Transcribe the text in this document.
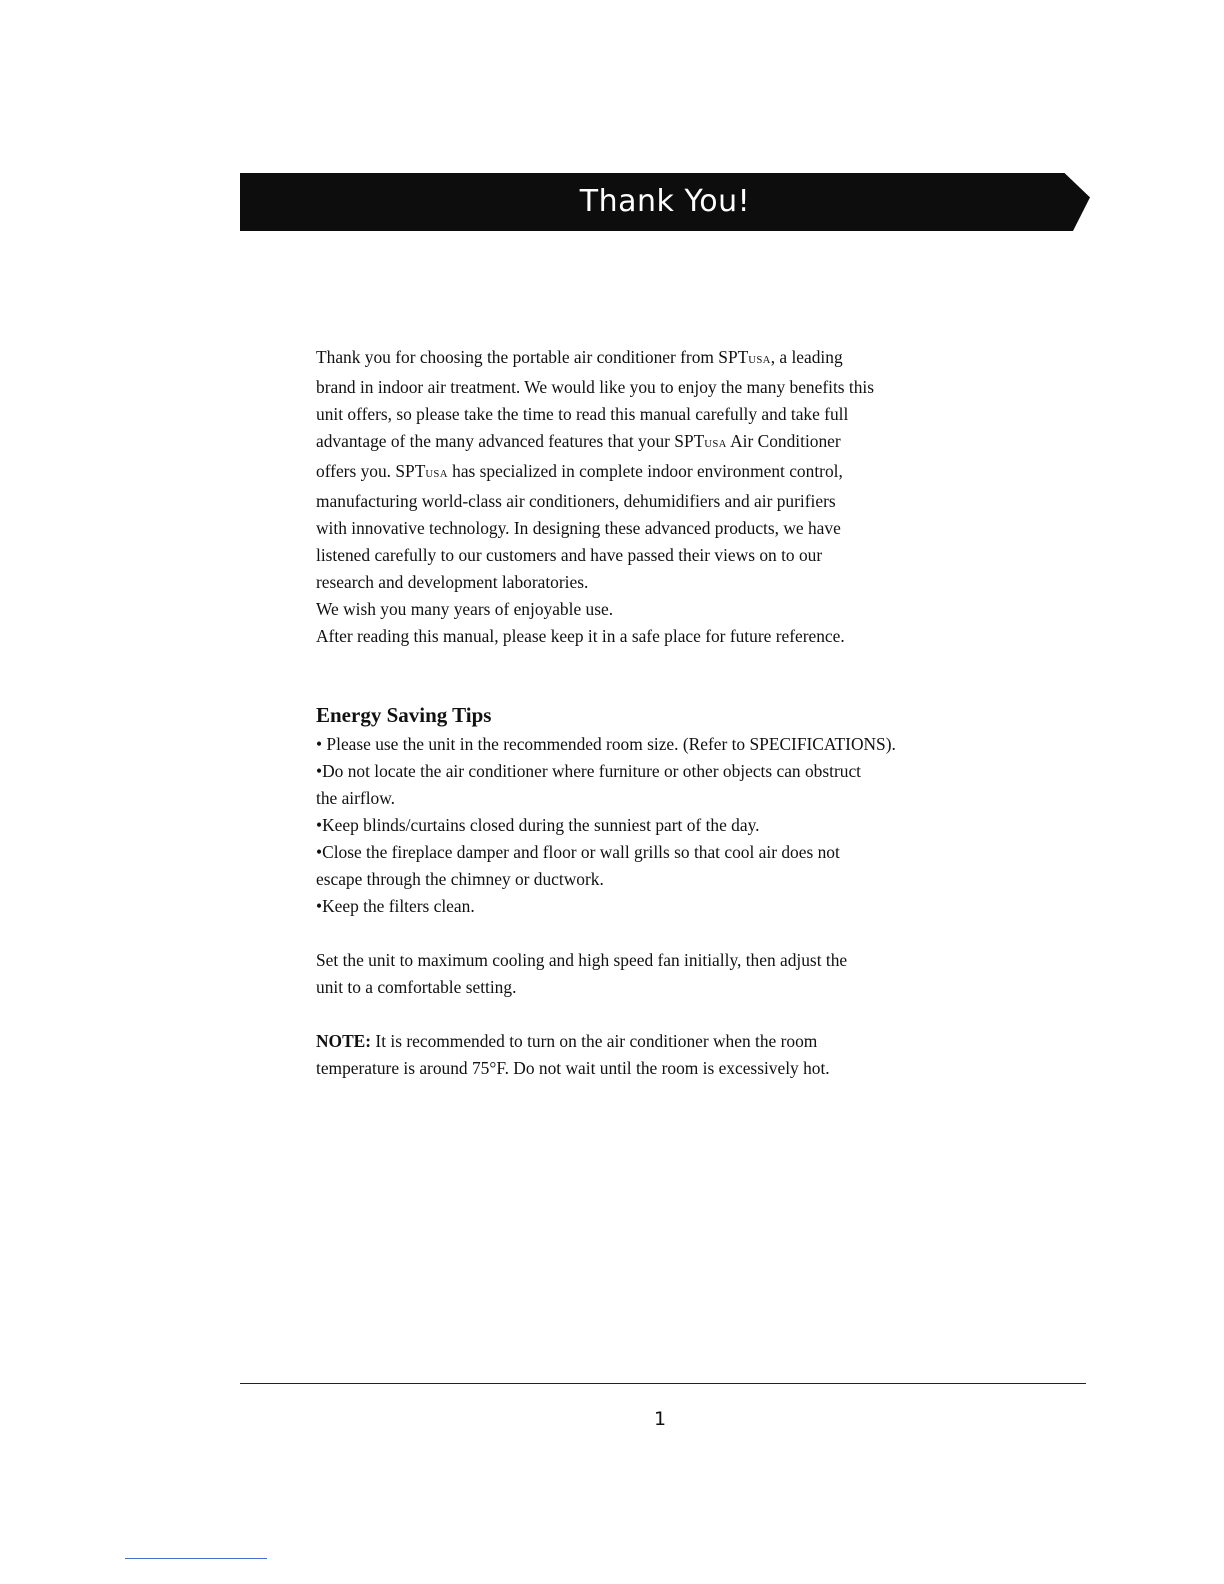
Thank You!

Thank you for choosing the portable air conditioner from SPTUSA, a leading
brand in indoor air treatment. We would like you to enjoy the many benefits this
unit offers, so please take the time to read this manual carefully and take full
advantage of the many advanced features that your SPTUSA Air Conditioner
offers you. SPTUSA has specialized in complete indoor environment control,
manufacturing world-class air conditioners, dehumidifiers and air purifiers
with innovative technology. In designing these advanced products, we have
listened carefully to our customers and have passed their views on to our
research and development laboratories.
We wish you many years of enjoyable use.
After reading this manual, please keep it in a safe place for future reference.

Energy Saving Tips
• Please use the unit in the recommended room size. (Refer to SPECIFICATIONS).
•Do not locate the air conditioner where furniture or other objects can obstruct
the airflow.
•Keep blinds/curtains closed during the sunniest part of the day.
•Close the fireplace damper and floor or wall grills so that cool air does not
escape through the chimney or ductwork.
•Keep the filters clean.

Set the unit to maximum cooling and high speed fan initially, then adjust the
unit to a comfortable setting.

NOTE: It is recommended to turn on the air conditioner when the room
temperature is around 75°F. Do not wait until the room is excessively hot.

1
